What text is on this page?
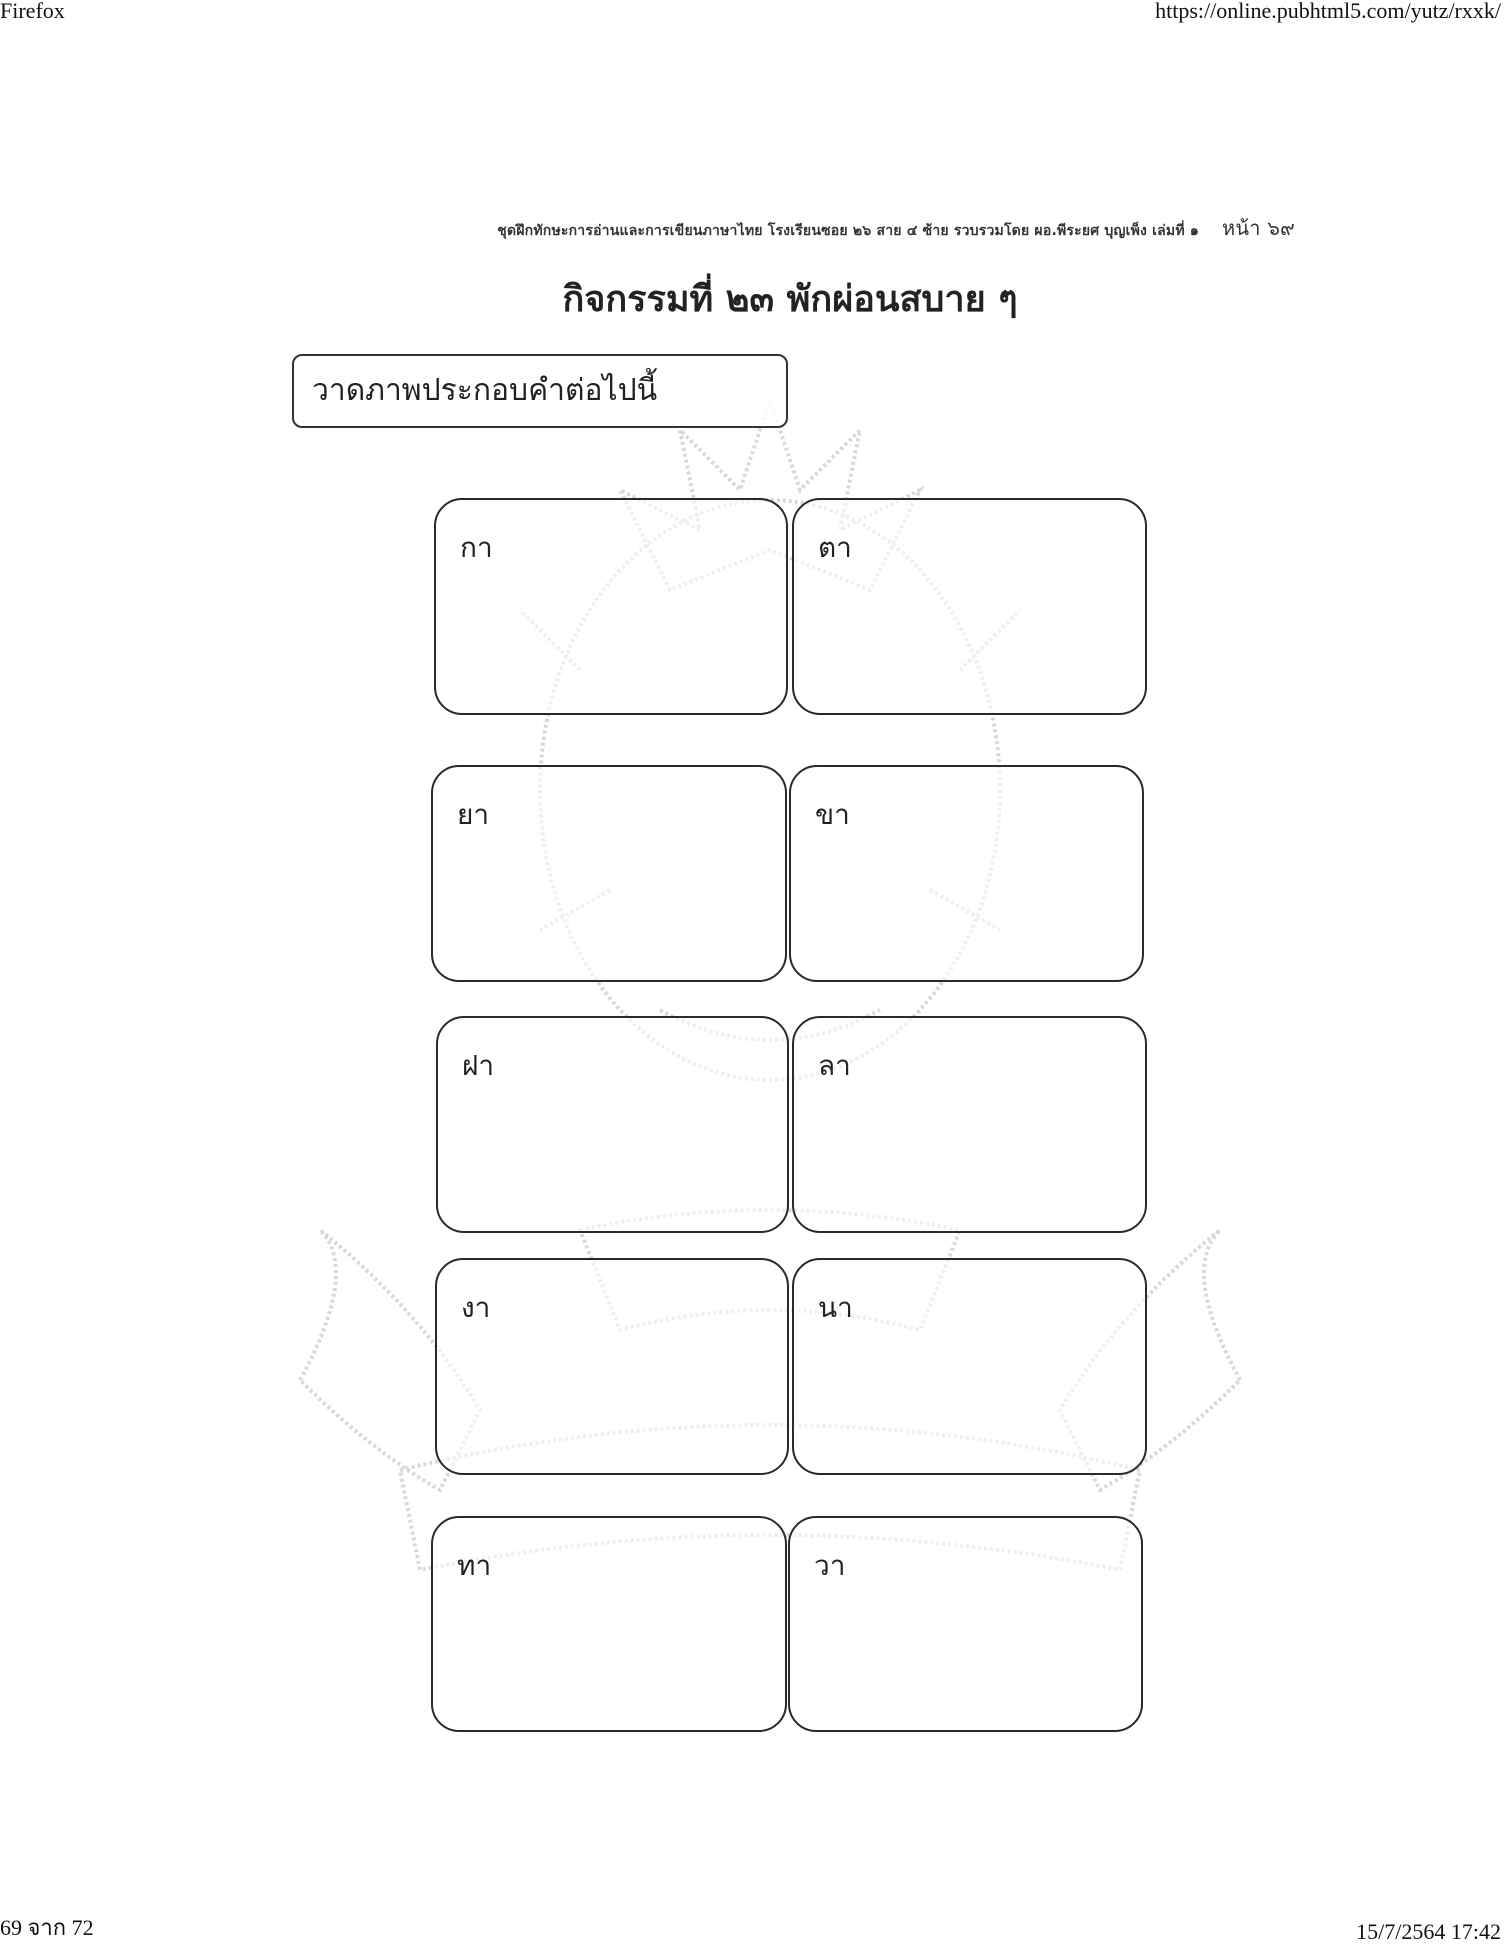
Firefox	https://online.pubhtml5.com/yutz/rxxk/
ชุดฝึกทักษะการอ่านและการเขียนภาษาไทย โรงเรียนซอย ๒๖ สาย ๔ ซ้าย รวบรวมโดย ผอ.พีระยศ บุญเพ็ง เล่มที่ ๑ หน้า ๖๙
กิจกรรมที่ ๒๓ พักผ่อนสบาย ๆ
วาดภาพประกอบคำต่อไปนี้
กา	ตา
ยา	ขา
ฝา	ลา
งา	นา
ทา	วา
69 จาก 72	15/7/2564 17:42
